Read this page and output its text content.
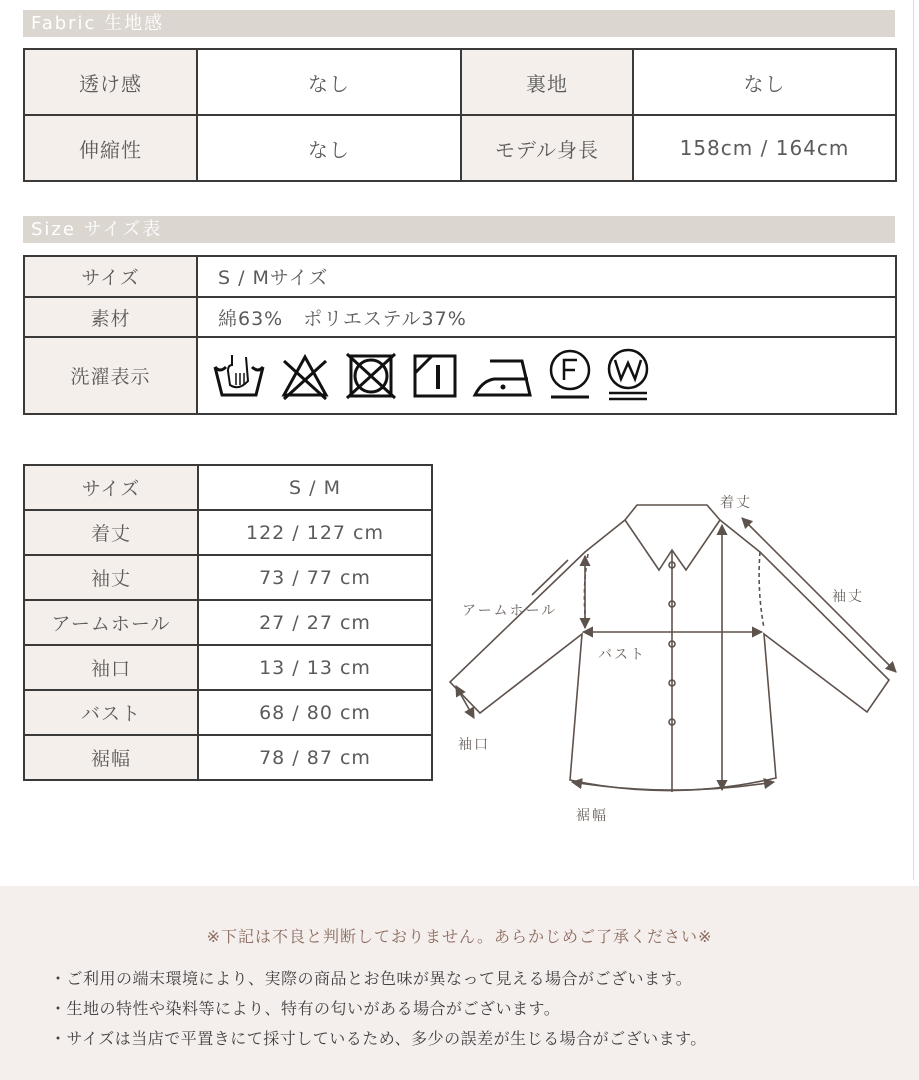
Fabric 生地感
透け感	なし	裏地	なし
伸縮性	なし	モデル身長	158cm / 164cm
Size サイズ表
サイズ	S / Mサイズ
素材	綿63%　ポリエステル37%
洗濯表示	
サイズ	S / M
着丈	122 / 127 cm
袖丈	73 / 77 cm
アームホール	27 / 27 cm
袖口	13 / 13 cm
バスト	68 / 80 cm
裾幅	78 / 87 cm
着丈
袖丈
アームホール
バスト
袖口
裾幅
※下記は不良と判断しておりません。あらかじめご了承ください※
・ご利用の端末環境により、実際の商品とお色味が異なって見える場合がございます。
・生地の特性や染料等により、特有の匂いがある場合がございます。
・サイズは当店で平置きにて採寸しているため、多少の誤差が生じる場合がございます。
